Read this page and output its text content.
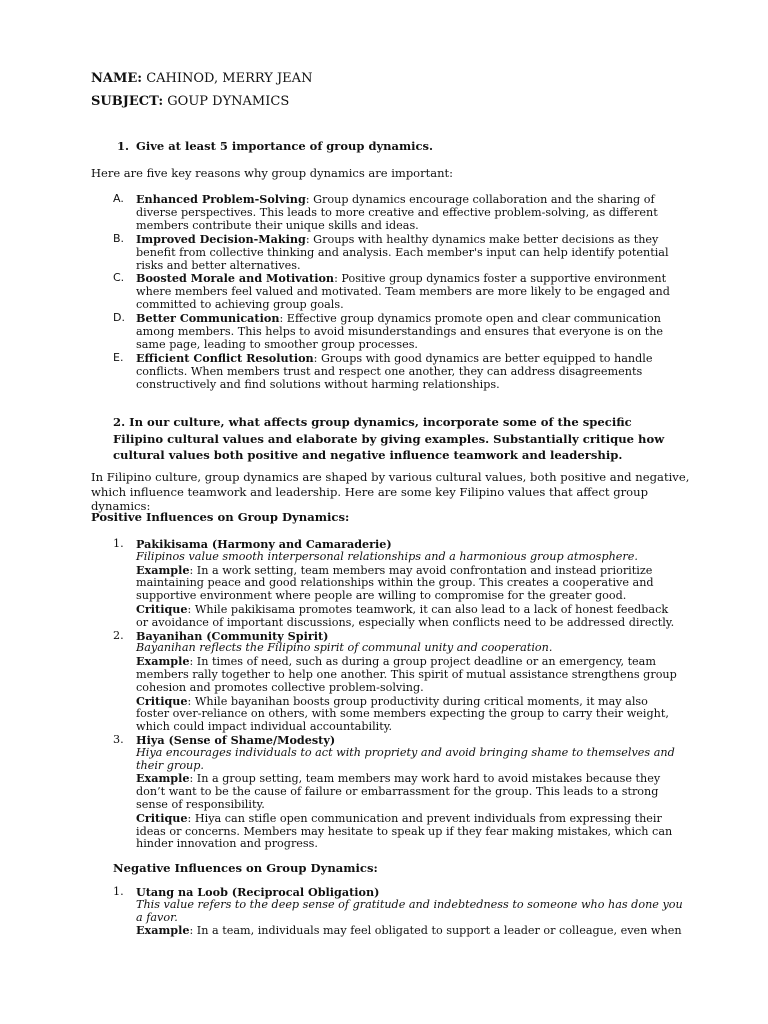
NAME: CAHINOD, MERRY JEAN
SUBJECT: GOUP DYNAMICS
1. Give at least 5 importance of group dynamics.
Here are five key reasons why group dynamics are important:

A. Enhanced Problem-Solving: Group dynamics encourage collaboration and the sharing of diverse perspectives. This leads to more creative and effective problem-solving, as different members contribute their unique skills and ideas.

B. Improved Decision-Making: Groups with healthy dynamics make better decisions as they benefit from collective thinking and analysis. Each member's input can help identify potential risks and better alternatives.

C. Boosted Morale and Motivation: Positive group dynamics foster a supportive environment where members feel valued and motivated. Team members are more likely to be engaged and committed to achieving group goals.

D. Better Communication: Effective group dynamics promote open and clear communication among members. This helps to avoid misunderstandings and ensures that everyone is on the same page, leading to smoother group processes.

E. Efficient Conflict Resolution: Groups with good dynamics are better equipped to handle conflicts. When members trust and respect one another, they can address disagreements constructively and find solutions without harming relationships.

2. In our culture, what affects group dynamics, incorporate some of the specific Filipino cultural values and elaborate by giving examples. Substantially critique how cultural values both positive and negative influence teamwork and leadership.
In Filipino culture, group dynamics are shaped by various cultural values, both positive and negative, which influence teamwork and leadership. Here are some key Filipino values that affect group dynamics:
Positive Influences on Group Dynamics:
1. Pakikisama (Harmony and Camaraderie)
Filipinos value smooth interpersonal relationships and a harmonious group atmosphere.
Example: In a work setting, team members may avoid confrontation and instead prioritize maintaining peace and good relationships within the group. This creates a cooperative and supportive environment where people are willing to compromise for the greater good.
Critique: While pakikisama promotes teamwork, it can also lead to a lack of honest feedback or avoidance of important discussions, especially when conflicts need to be addressed directly.
2. Bayanihan (Community Spirit)
Bayanihan reflects the Filipino spirit of communal unity and cooperation.
Example: In times of need, such as during a group project deadline or an emergency, team members rally together to help one another. This spirit of mutual assistance strengthens group cohesion and promotes collective problem-solving.
Critique: While bayanihan boosts group productivity during critical moments, it may also foster over-reliance on others, with some members expecting the group to carry their weight, which could impact individual accountability.
3. Hiya (Sense of Shame/Modesty)
Hiya encourages individuals to act with propriety and avoid bringing shame to themselves and their group.
Example: In a group setting, team members may work hard to avoid mistakes because they don’t want to be the cause of failure or embarrassment for the group. This leads to a strong sense of responsibility.
Critique: Hiya can stifle open communication and prevent individuals from expressing their ideas or concerns. Members may hesitate to speak up if they fear making mistakes, which can hinder innovation and progress.
Negative Influences on Group Dynamics:
1. Utang na Loob (Reciprocal Obligation)
This value refers to the deep sense of gratitude and indebtedness to someone who has done you a favor.
Example: In a team, individuals may feel obligated to support a leader or colleague, even when
